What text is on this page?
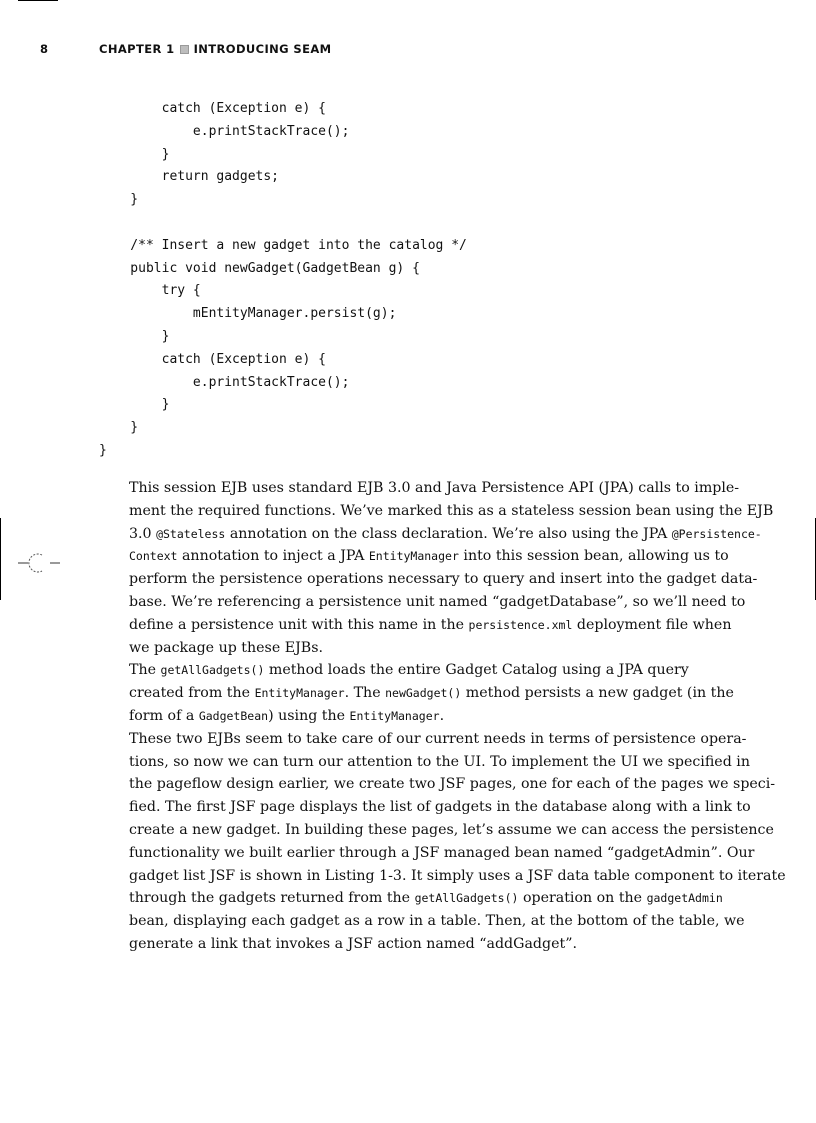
8	CHAPTER 1 INTRODUCING SEAM
catch (Exception e) {
e.printStackTrace();
}
return gadgets;
}
/** Insert a new gadget into the catalog */
public void newGadget(GadgetBean g) {
try {
mEntityManager.persist(g);
}
catch (Exception e) {
e.printStackTrace();
}
}
}

This session EJB uses standard EJB 3.0 and Java Persistence API (JPA) calls to imple-
ment the required functions. We’ve marked this as a stateless session bean using the EJB
3.0 @Stateless annotation on the class declaration. We’re also using the JPA @Persistence-
Context annotation to inject a JPA EntityManager into this session bean, allowing us to
perform the persistence operations necessary to query and insert into the gadget data-
base. We’re referencing a persistence unit named “gadgetDatabase”, so we’ll need to
define a persistence unit with this name in the persistence.xml deployment file when
we package up these EJBs.

The getAllGadgets() method loads the entire Gadget Catalog using a JPA query
created from the EntityManager. The newGadget() method persists a new gadget (in the
form of a GadgetBean) using the EntityManager.

These two EJBs seem to take care of our current needs in terms of persistence opera-
tions, so now we can turn our attention to the UI. To implement the UI we specified in
the pageflow design earlier, we create two JSF pages, one for each of the pages we speci-
fied. The first JSF page displays the list of gadgets in the database along with a link to
create a new gadget. In building these pages, let’s assume we can access the persistence
functionality we built earlier through a JSF managed bean named “gadgetAdmin”. Our
gadget list JSF is shown in Listing 1-3. It simply uses a JSF data table component to iterate
through the gadgets returned from the getAllGadgets() operation on the gadgetAdmin
bean, displaying each gadget as a row in a table. Then, at the bottom of the table, we
generate a link that invokes a JSF action named “addGadget”.
